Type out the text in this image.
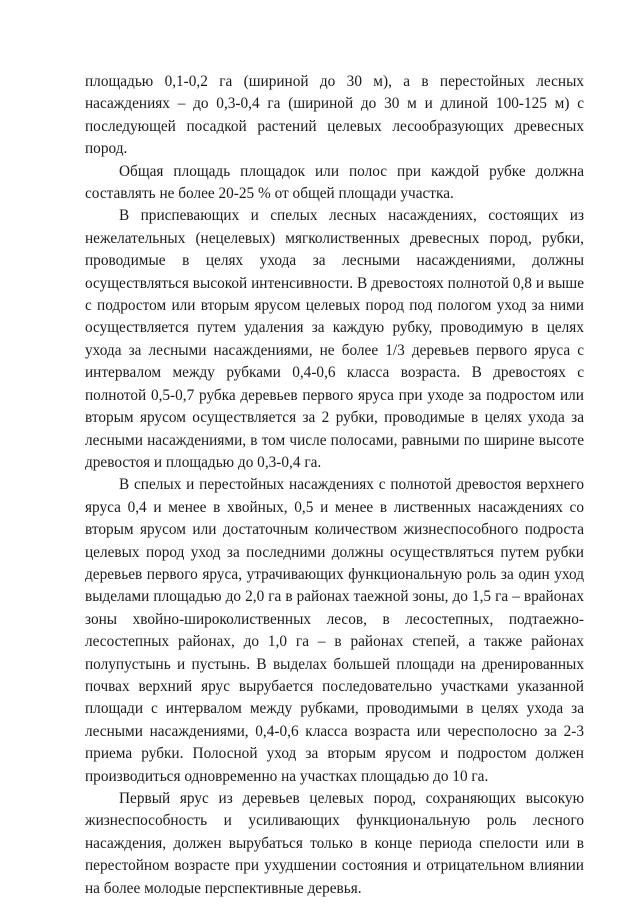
площадью 0,1-0,2 га (шириной до 30 м), а в перестойных лесных насаждениях – до 0,3-0,4 га (шириной до 30 м и длиной 100-125 м) с последующей посадкой растений целевых лесообразующих древесных пород.

Общая площадь площадок или полос при каждой рубке должна составлять не более 20-25 % от общей площади участка.

В приспевающих и спелых лесных насаждениях, состоящих из нежелательных (нецелевых) мягколиственных древесных пород, рубки, проводимые в целях ухода за лесными насаждениями, должны осуществляться высокой интенсивности. В древостоях полнотой 0,8 и выше с подростом или вторым ярусом целевых пород под пологом уход за ними осуществляется путем удаления за каждую рубку, проводимую в целях ухода за лесными насаждениями, не более 1/3 деревьев первого яруса с интервалом между рубками 0,4-0,6 класса возраста. В древостоях с полнотой 0,5-0,7 рубка деревьев первого яруса при уходе за подростом или вторым ярусом осуществляется за 2 рубки, проводимые в целях ухода за лесными насаждениями, в том числе полосами, равными по ширине высоте древостоя и площадью до 0,3-0,4 га.

В спелых и перестойных насаждениях с полнотой древостоя верхнего яруса 0,4 и менее в хвойных, 0,5 и менее в лиственных насаждениях со вторым ярусом или достаточным количеством жизнеспособного подроста целевых пород уход за последними должны осуществляться путем рубки деревьев первого яруса, утрачивающих функциональную роль за один уход выделами площадью до 2,0 га в районах таежной зоны, до 1,5 га – врайонах зоны хвойно-широколиственных лесов, в лесостепных, подтаежно-лесостепных районах, до 1,0 га – в районах степей, а также районах полупустынь и пустынь. В выделах большей площади на дренированных почвах верхний ярус вырубается последовательно участками указанной площади с интервалом между рубками, проводимыми в целях ухода за лесными насаждениями, 0,4-0,6 класса возраста или чересполосно за 2-3 приема рубки. Полосной уход за вторым ярусом и подростом должен производиться одновременно на участках площадью до 10 га.

Первый ярус из деревьев целевых пород, сохраняющих высокую жизнеспособность и усиливающих функциональную роль лесного насаждения, должен вырубаться только в конце периода спелости или в перестойном возрасте при ухудшении состояния и отрицательном влиянии на более молодые перспективные деревья.
